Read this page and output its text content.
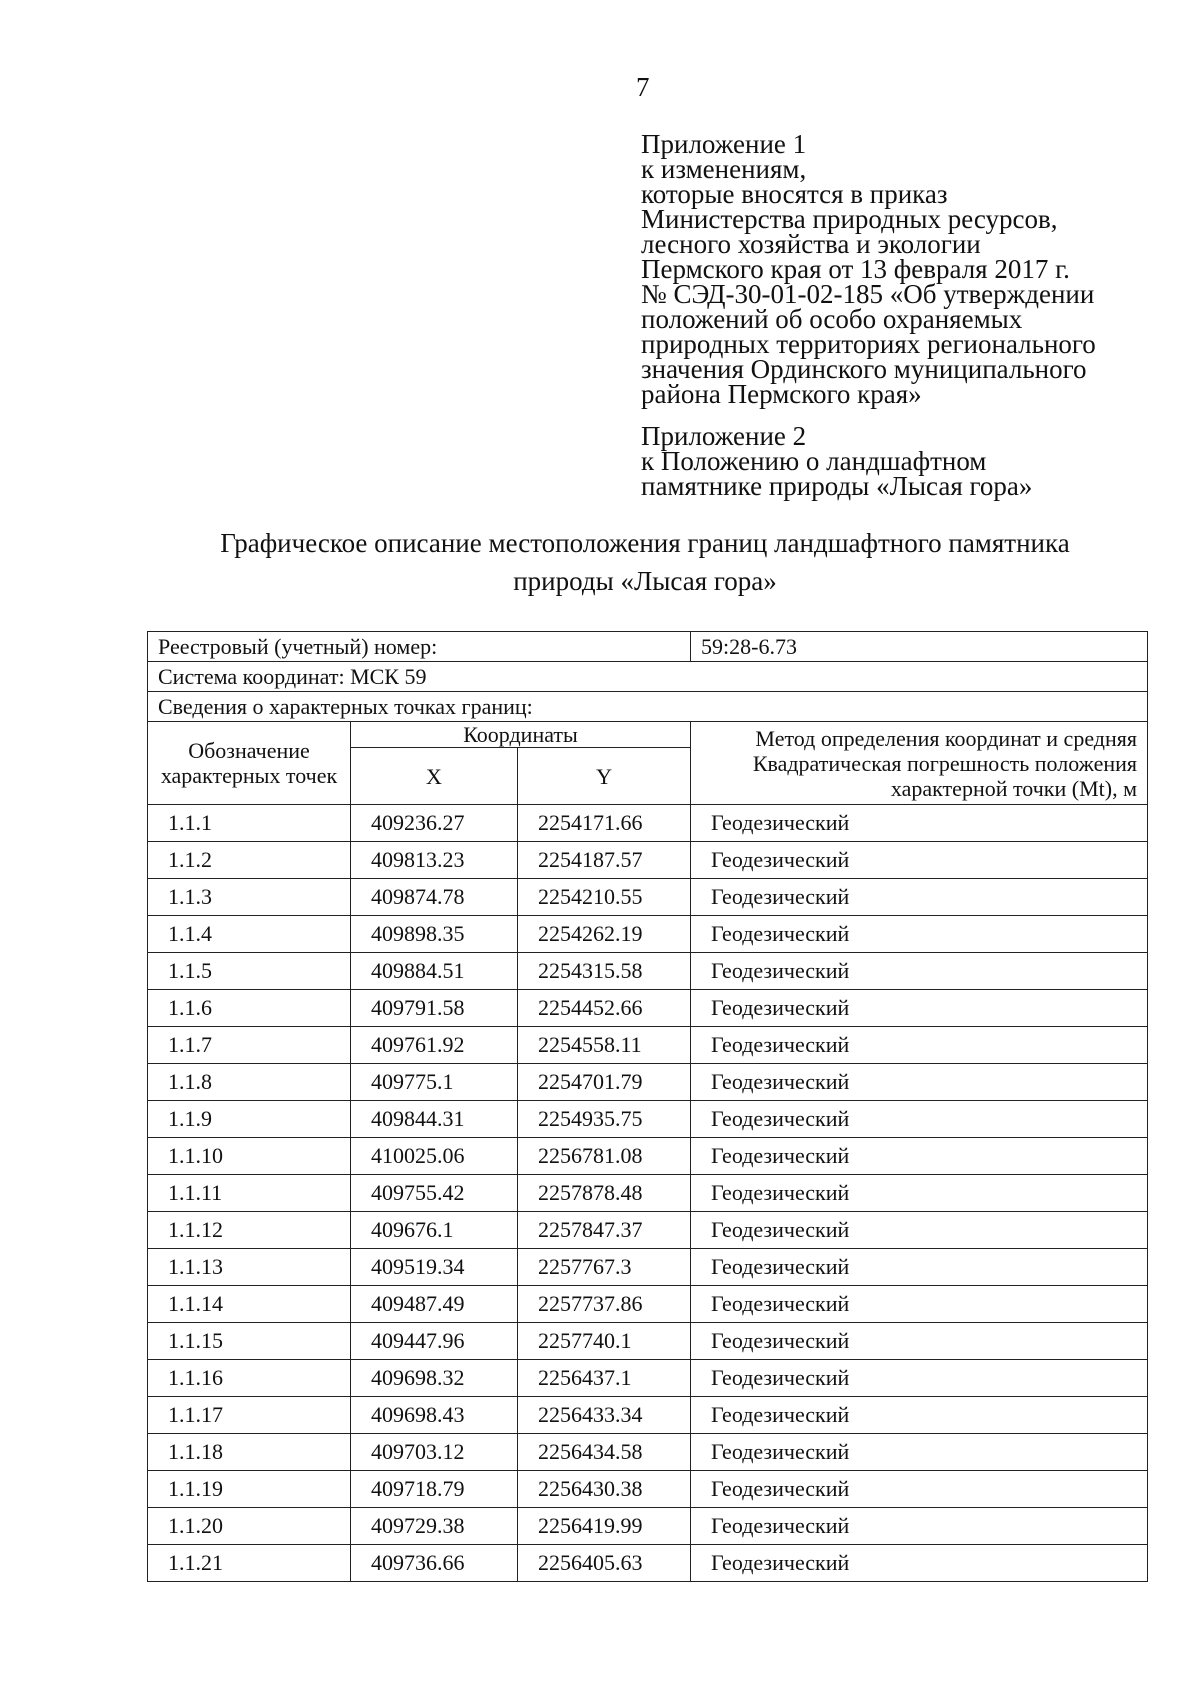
7
Приложение 1
к изменениям,
которые вносятся в приказ
Министерства природных ресурсов,
лесного хозяйства и экологии
Пермского края от 13 февраля 2017 г.
№ СЭД-30-01-02-185 «Об утверждении
положений об особо охраняемых
природных территориях регионального
значения Ординского муниципального
района Пермского края»
Приложение 2
к Положению о ландшафтном
памятнике природы «Лысая гора»
Графическое описание местоположения границ ландшафтного памятника
природы «Лысая гора»
Реестровый (учетный) номер:			59:28-6.73
Система координат: МСК 59			
Сведения о характерных точках границ:			
Обозначение характерных точек	Координаты		Метод определения координат и средняя Квадратическая погрешность положения характерной точки (Mt), м
	X	Y	
1.1.1	409236.27	2254171.66	Геодезический
1.1.2	409813.23	2254187.57	Геодезический
1.1.3	409874.78	2254210.55	Геодезический
1.1.4	409898.35	2254262.19	Геодезический
1.1.5	409884.51	2254315.58	Геодезический
1.1.6	409791.58	2254452.66	Геодезический
1.1.7	409761.92	2254558.11	Геодезический
1.1.8	409775.1	2254701.79	Геодезический
1.1.9	409844.31	2254935.75	Геодезический
1.1.10	410025.06	2256781.08	Геодезический
1.1.11	409755.42	2257878.48	Геодезический
1.1.12	409676.1	2257847.37	Геодезический
1.1.13	409519.34	2257767.3	Геодезический
1.1.14	409487.49	2257737.86	Геодезический
1.1.15	409447.96	2257740.1	Геодезический
1.1.16	409698.32	2256437.1	Геодезический
1.1.17	409698.43	2256433.34	Геодезический
1.1.18	409703.12	2256434.58	Геодезический
1.1.19	409718.79	2256430.38	Геодезический
1.1.20	409729.38	2256419.99	Геодезический
1.1.21	409736.66	2256405.63	Геодезический
